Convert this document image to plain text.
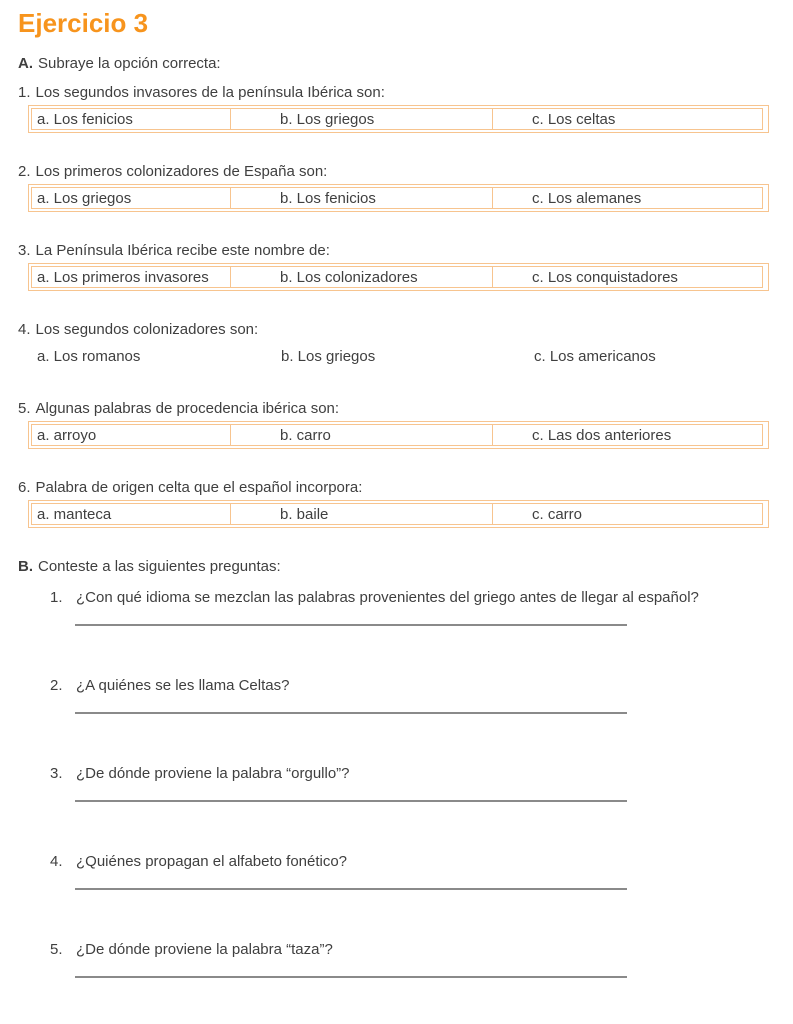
Ejercicio 3
A. Subraye la opción correcta:
1. Los segundos invasores de la península Ibérica son:
a. Los fenicios	b. Los griegos	c. Los celtas
2. Los primeros colonizadores de España son:
a. Los griegos	b. Los fenicios	c. Los alemanes
3. La Península Ibérica recibe este nombre de:
a. Los primeros invasores	b. Los colonizadores	c. Los conquistadores
4. Los segundos colonizadores son:
a. Los romanos	b. Los griegos	c. Los americanos
5. Algunas palabras de procedencia ibérica son:
a. arroyo	b. carro	c. Las dos anteriores
6. Palabra de origen celta que el español incorpora:
a. manteca	b. baile	c. carro
B. Conteste a las siguientes preguntas:
1. ¿Con qué idioma se mezclan las palabras provenientes del griego antes de llegar al español?
2. ¿A quiénes se les llama Celtas?
3. ¿De dónde proviene la palabra “orgullo”?
4. ¿Quiénes propagan el alfabeto fonético?
5. ¿De dónde proviene la palabra “taza”?
